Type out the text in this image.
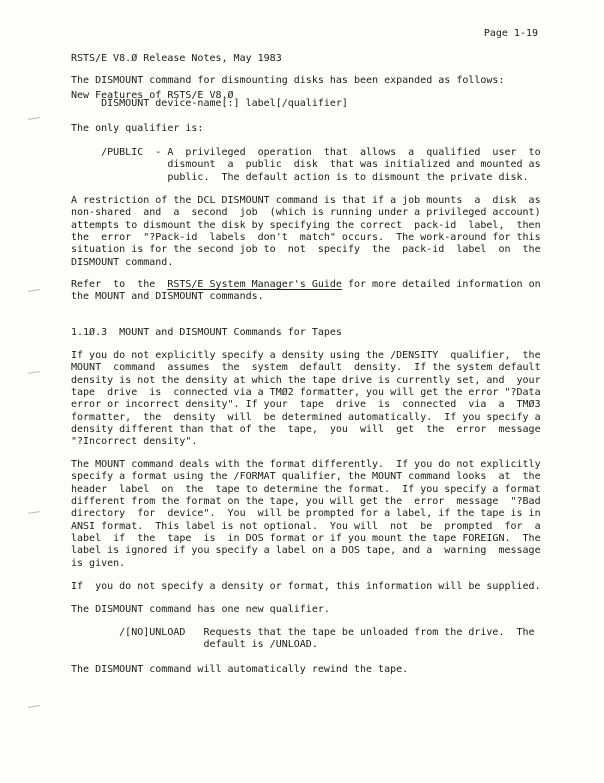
RSTS/E V8.Ø Release Notes, May 1983

New Features of RSTS/E V8.Ø

Page 1-19
The DISMOUNT command for dismounting disks has been expanded as follows:
DISMOUNT device-name[:] label[/qualifier]
The only qualifier is:
/PUBLIC  - A  privileged  operation  that  allows  a  qualified  user  to
dismount  a  public  disk  that was initialized and mounted as
public.  The default action is to dismount the private disk.
A restriction of the DCL DISMOUNT command is that if a job mounts  a  disk  as
non-shared  and  a  second  job  (which is running under a privileged account)
attempts to dismount the disk by specifying the correct  pack-id  label,  then
the  error  "?Pack-id  labels  don't  match" occurs.  The work-around for this
situation is for the second job to  not  specify  the  pack-id  label  on  the
DISMOUNT command.
Refer  to  the  RSTS/E System Manager's Guide for more detailed information on
the MOUNT and DISMOUNT commands.
1.1Ø.3  MOUNT and DISMOUNT Commands for Tapes
If you do not explicitly specify a density using the /DENSITY  qualifier,  the
MOUNT  command  assumes  the  system  default  density.  If the system default
density is not the density at which the tape drive is currently set, and  your
tape  drive  is  connected via a TMØ2 formatter, you will get the error "?Data
error or incorrect density". If your  tape  drive  is  connected  via  a  TMØ3
formatter,  the  density  will  be determined automatically.  If you specify a
density different than that of the  tape,  you  will  get  the  error  message
"?Incorrect density".
The MOUNT command deals with the format differently.  If you do not explicitly
specify a format using the /FORMAT qualifier, the MOUNT command looks  at  the
header  label  on  the  tape to determine the format.  If you specify a format
different from the format on the tape, you will get the  error  message  "?Bad
directory  for  device".  You  will be prompted for a label, if the tape is in
ANSI format.  This label is not optional.  You will  not  be  prompted  for  a
label  if  the  tape  is  in DOS format or if you mount the tape FOREIGN.  The
label is ignored if you specify a label on a DOS tape, and a  warning  message
is given.
If  you do not specify a density or format, this information will be supplied.
The DISMOUNT command has one new qualifier.
/[NO]UNLOAD   Requests that the tape be unloaded from the drive.  The
default is /UNLOAD.
The DISMOUNT command will automatically rewind the tape.
